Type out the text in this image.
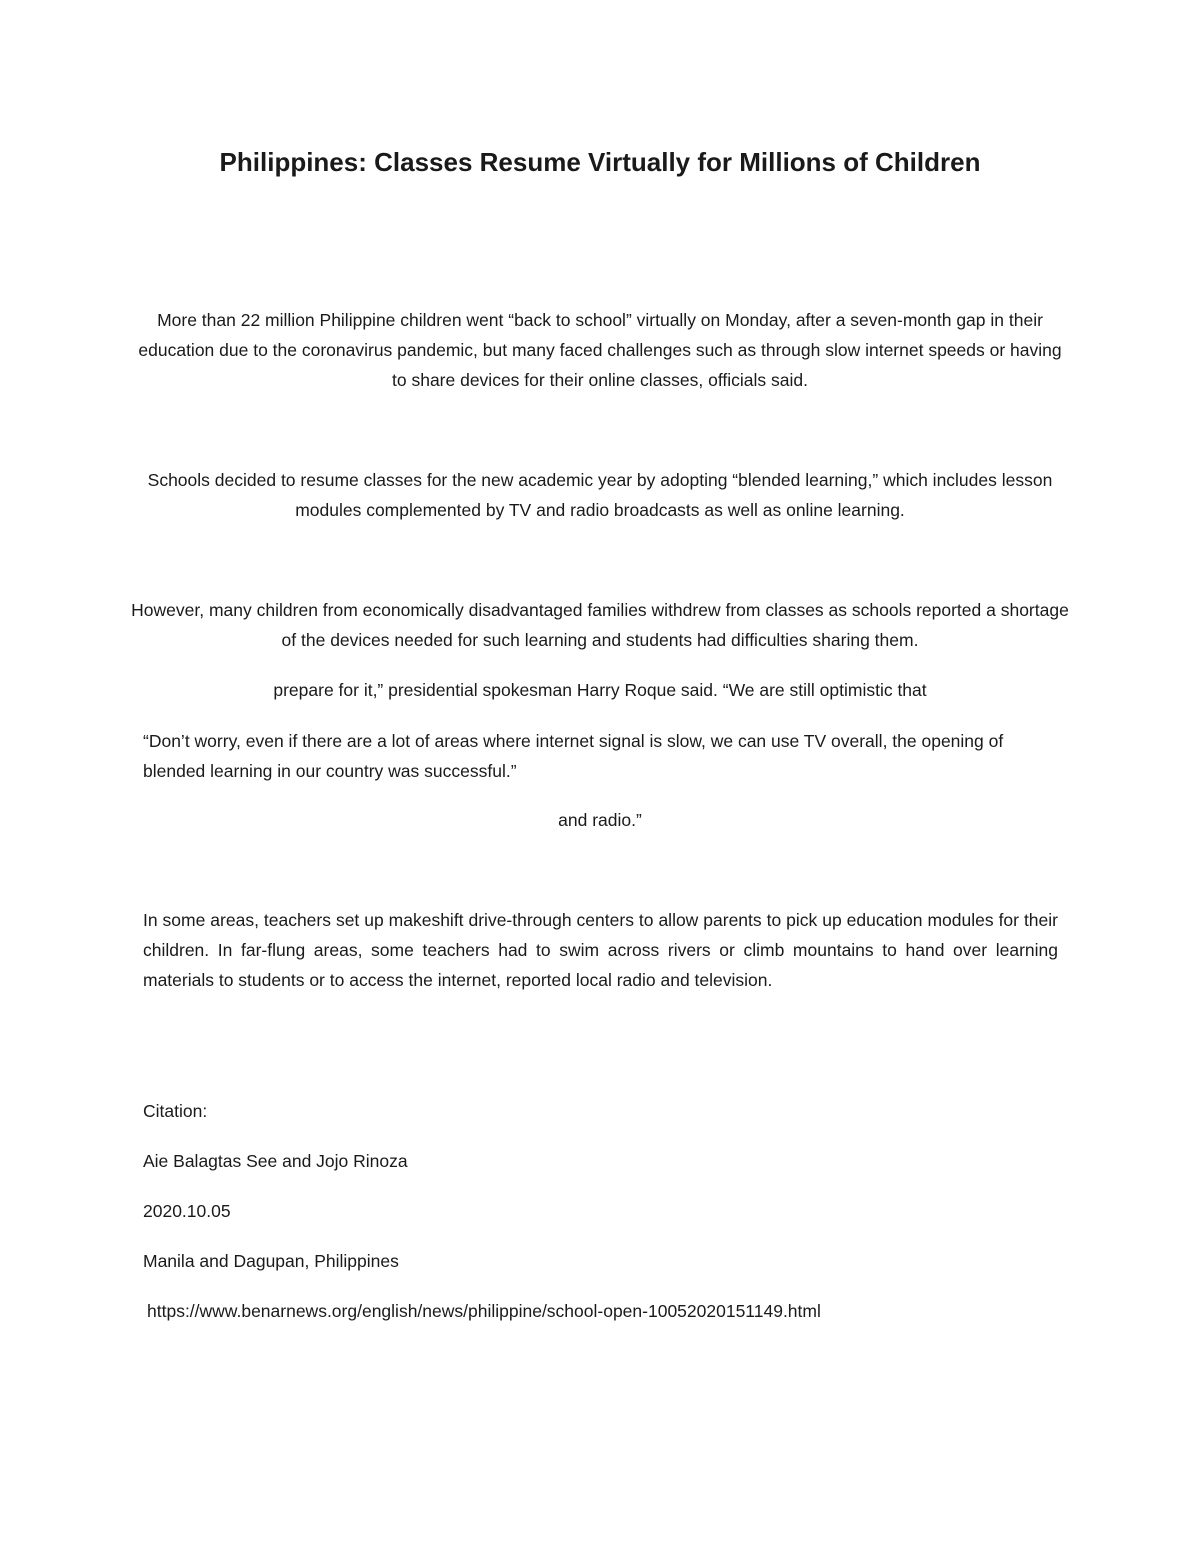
Philippines: Classes Resume Virtually for Millions of Children

More than 22 million Philippine children went “back to school” virtually on Monday, after a seven-month gap in their education due to the coronavirus pandemic, but many faced challenges such as through slow internet speeds or having to share devices for their online classes, officials said.

Schools decided to resume classes for the new academic year by adopting “blended learning,” which includes lesson modules complemented by TV and radio broadcasts as well as online learning.

However, many children from economically disadvantaged families withdrew from classes as schools reported a shortage of the devices needed for such learning and students had difficulties sharing them.

prepare for it,” presidential spokesman Harry Roque said. “We are still optimistic that

“Don’t worry, even if there are a lot of areas where internet signal is slow, we can use TV overall, the opening of blended learning in our country was successful.”

and radio.”

In some areas, teachers set up makeshift drive-through centers to allow parents to pick up education modules for their children. In far-flung areas, some teachers had to swim across rivers or climb mountains to hand over learning materials to students or to access the internet, reported local radio and television.

Citation:

Aie Balagtas See and Jojo Rinoza

2020.10.05

Manila and Dagupan, Philippines

https://www.benarnews.org/english/news/philippine/school-open-10052020151149.html
